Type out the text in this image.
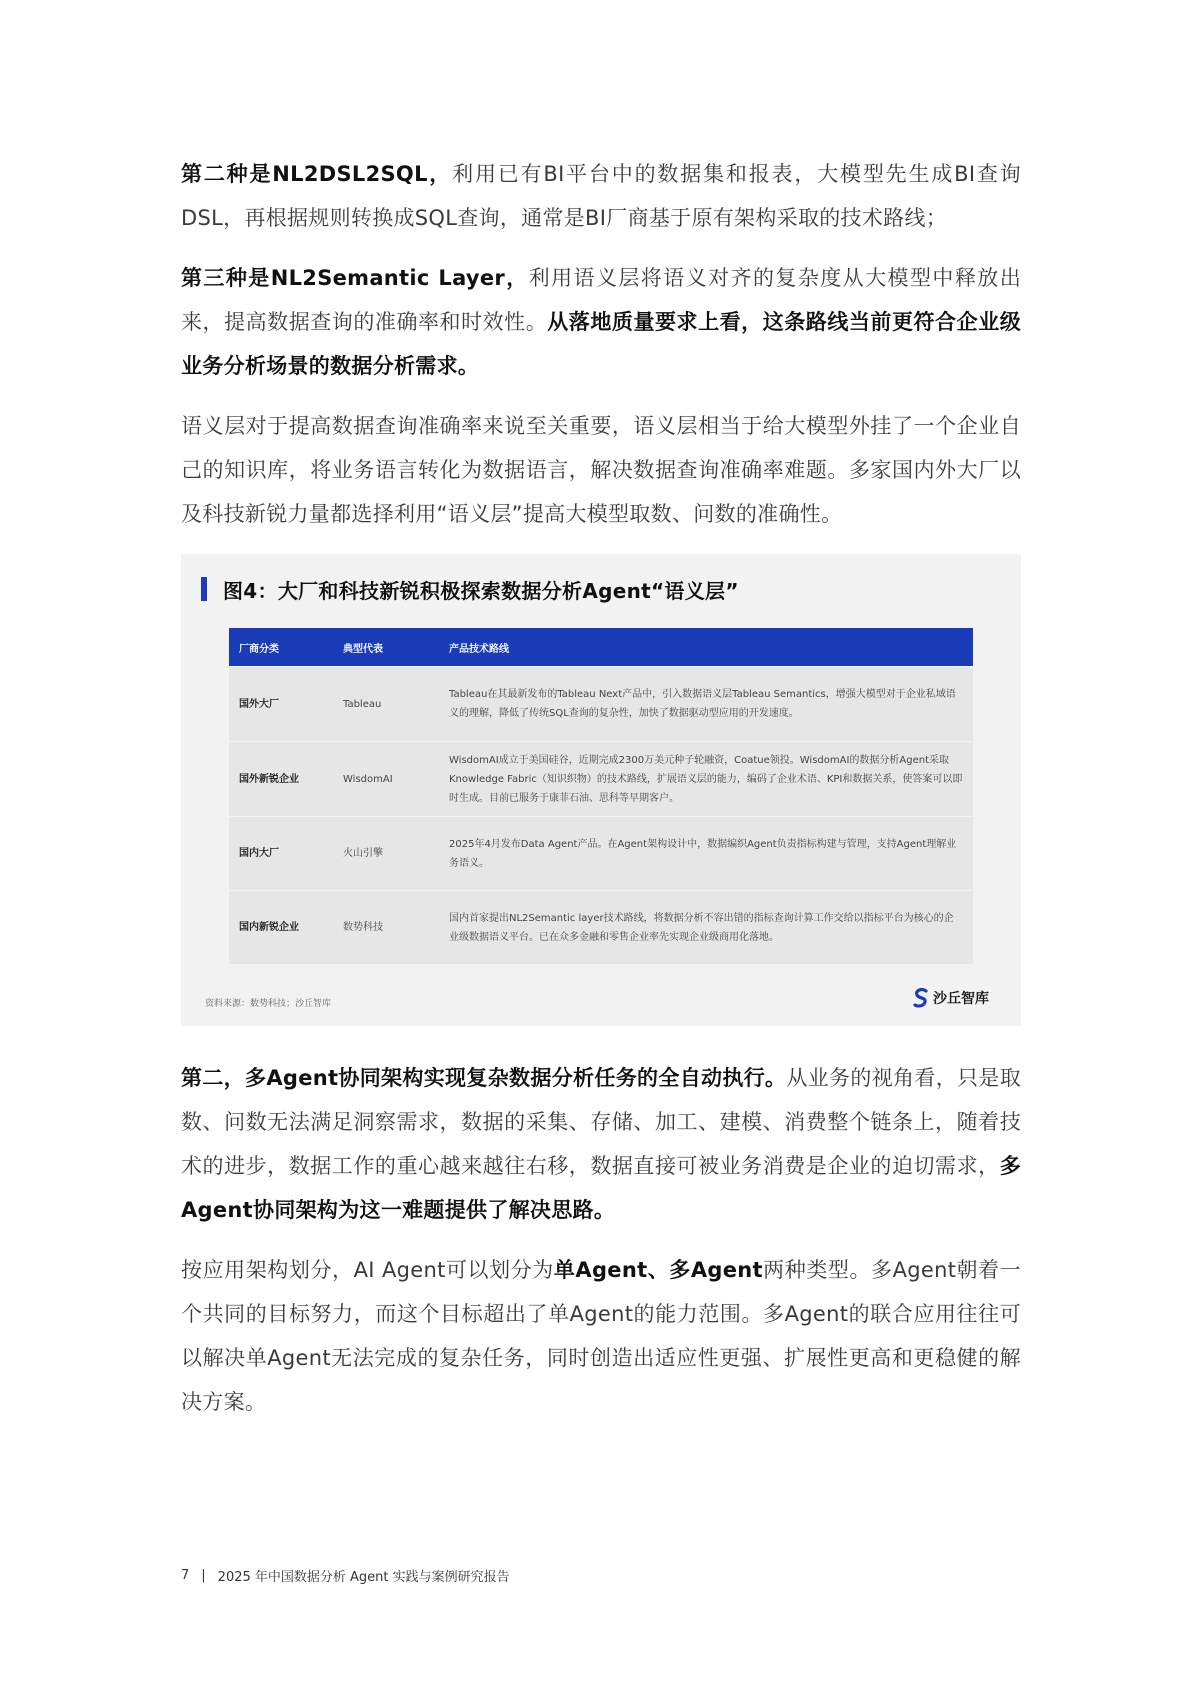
第二种是NL2DSL2SQL，利用已有BI平台中的数据集和报表，大模型先生成BI查询DSL，再根据规则转换成SQL查询，通常是BI厂商基于原有架构采取的技术路线；

第三种是NL2Semantic Layer，利用语义层将语义对齐的复杂度从大模型中释放出来，提高数据查询的准确率和时效性。从落地质量要求上看，这条路线当前更符合企业级业务分析场景的数据分析需求。

语义层对于提高数据查询准确率来说至关重要，语义层相当于给大模型外挂了一个企业自己的知识库，将业务语言转化为数据语言，解决数据查询准确率难题。多家国内外大厂以及科技新锐力量都选择利用“语义层”提高大模型取数、问数的准确性。

图4：大厂和科技新锐积极探索数据分析Agent“语义层”
厂商分类	典型代表	产品技术路线
国外大厂	Tableau	Tableau在其最新发布的Tableau Next产品中，引入数据语义层Tableau Semantics，增强大模型对于企业私域语义的理解，降低了传统SQL查询的复杂性，加快了数据驱动型应用的开发速度。
国外新锐企业	WisdomAI	WisdomAI成立于美国硅谷，近期完成2300万美元种子轮融资，Coatue领投。WisdomAI的数据分析Agent采取Knowledge Fabric（知识织物）的技术路线，扩展语义层的能力，编码了企业术语、KPI和数据关系，使答案可以即时生成。目前已服务于康菲石油、思科等早期客户。
国内大厂	火山引擎	2025年4月发布Data Agent产品。在Agent架构设计中，数据编织Agent负责指标构建与管理，支持Agent理解业务语义。
国内新锐企业	数势科技	国内首家提出NL2Semantic layer技术路线，将数据分析不容出错的指标查询计算工作交给以指标平台为核心的企业级数据语义平台。已在众多金融和零售企业率先实现企业级商用化落地。
资料来源：数势科技；沙丘智库	沙丘智库

第二，多Agent协同架构实现复杂数据分析任务的全自动执行。从业务的视角看，只是取数、问数无法满足洞察需求，数据的采集、存储、加工、建模、消费整个链条上，随着技术的进步，数据工作的重心越来越往右移，数据直接可被业务消费是企业的迫切需求，多Agent协同架构为这一难题提供了解决思路。

按应用架构划分，AI Agent可以划分为单Agent、多Agent两种类型。多Agent朝着一个共同的目标努力，而这个目标超出了单Agent的能力范围。多Agent的联合应用往往可以解决单Agent无法完成的复杂任务，同时创造出适应性更强、扩展性更高和更稳健的解决方案。

7 | 2025 年中国数据分析 Agent 实践与案例研究报告
